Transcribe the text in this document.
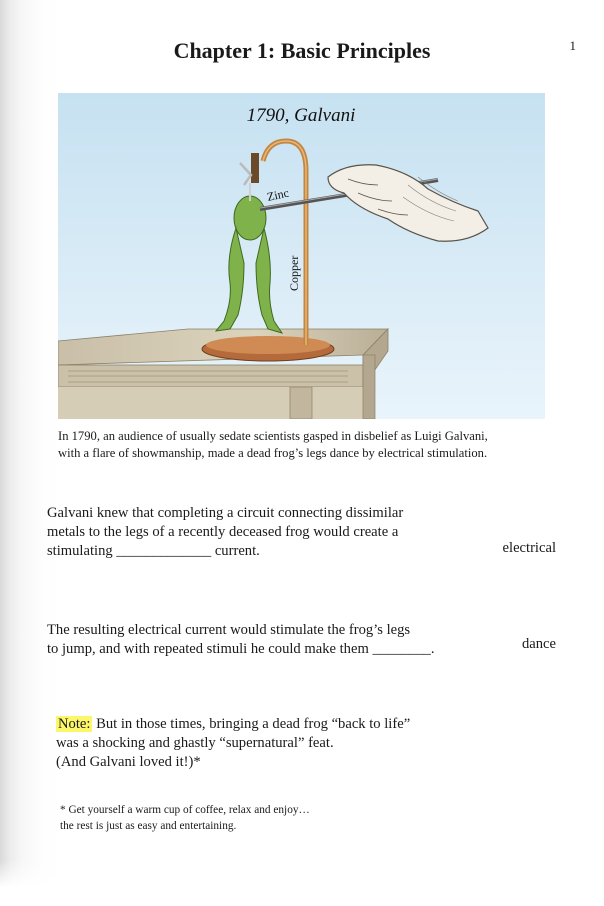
Chapter 1: Basic Principles	1
1790, Galvani
Zinc
Copper
In 1790, an audience of usually sedate scientists gasped in disbelief as Luigi Galvani,
with a flare of showmanship, made a dead frog’s legs dance by electrical stimulation.
Galvani knew that completing a circuit connecting dissimilar
metals to the legs of a recently deceased frog would create a
stimulating _____________ current.	electrical
The resulting electrical current would stimulate the frog’s legs
to jump, and with repeated stimuli he could make them ________.	dance
Note: But in those times, bringing a dead frog “back to life”
was a shocking and ghastly “supernatural” feat.
(And Galvani loved it!)*
* Get yourself a warm cup of coffee, relax and enjoy…
the rest is just as easy and entertaining.
